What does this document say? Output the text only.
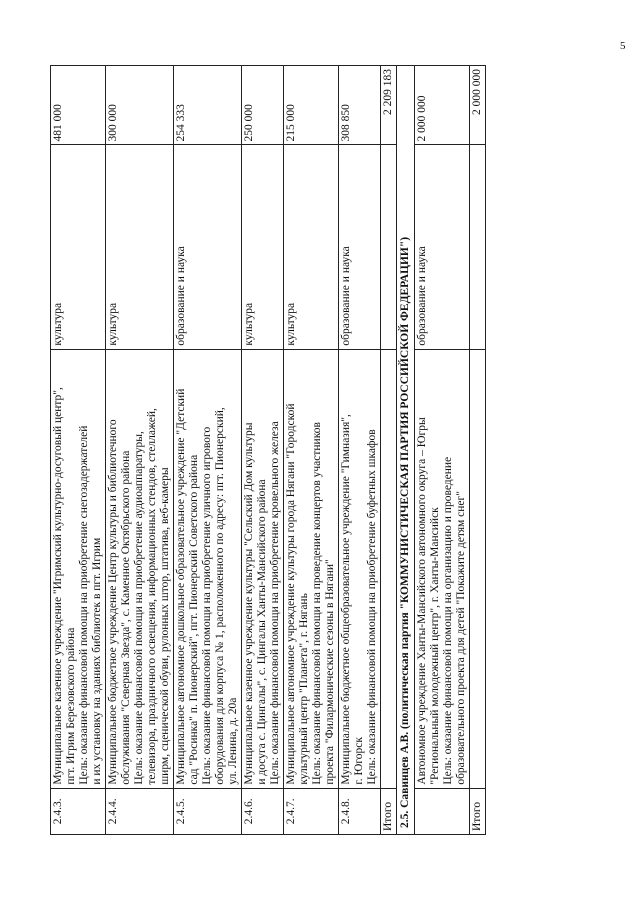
5
2.4.3.	Муниципальное казенное учреждение "Игримский культурно-досуговый центр", пгт. Игрим Березовского района Цель: оказание финансовой помощи на приобретение снегозадержателей и их установку на зданиях библиотек в пгт. Игрим	культура	481 000
2.4.4.	Муниципальное бюджетное учреждение Центр культуры и библиотечного обслуживания "Северная Звезда", с. Каменное Октябрьского района Цель: оказание финансовой помощи на приобретение аудиоаппаратуры, телевизора, праздничного освещения, информационных стендов, стеллажей, ширм, сценической обуви, рулонных штор, штатива, веб-камеры	культура	300 000
2.4.5.	Муниципальное автономное дошкольное образовательное учреждение "Детский сад "Росинка" п. Пионерский", пгт. Пионерский Советского района Цель: оказание финансовой помощи на приобретение уличного игрового оборудования для корпуса № 1, расположенного по адресу: пгт. Пионерский, ул. Ленина, д. 20а	образование и наука	254 333
2.4.6.	Муниципальное казенное учреждение культуры "Сельский Дом культуры и досуга с. Цингалы", с. Цингалы Ханты-Мансийского района Цель: оказание финансовой помощи на приобретение кровельного железа	культура	250 000
2.4.7.	Муниципальное автономное учреждение культуры города Нягани "Городской культурный центр "Планета", г. Нягань Цель: оказание финансовой помощи на проведение концертов участников проекта "Филармонические сезоны в Нягани"	культура	215 000
2.4.8.	Муниципальное бюджетное общеобразовательное учреждение "Гимназия", г. Югорск Цель: оказание финансовой помощи на приобретение буфетных шкафов	образование и наука	308 850
Итого			2 209 183
2.5. Савинцев А.В. (политическая партия "КОММУНИСТИЧЕСКАЯ ПАРТИЯ РОССИЙСКОЙ ФЕДЕРАЦИИ")			

	Автономное учреждение Ханты-Мансийского автономного округа – Югры "Региональный молодежный центр", г. Ханты-Мансийск Цель: оказание финансовой помощи на организацию и проведение образовательного проекта для детей "Покажите детям снег"	образование и наука	2 000 000
Итого			2 000 000
